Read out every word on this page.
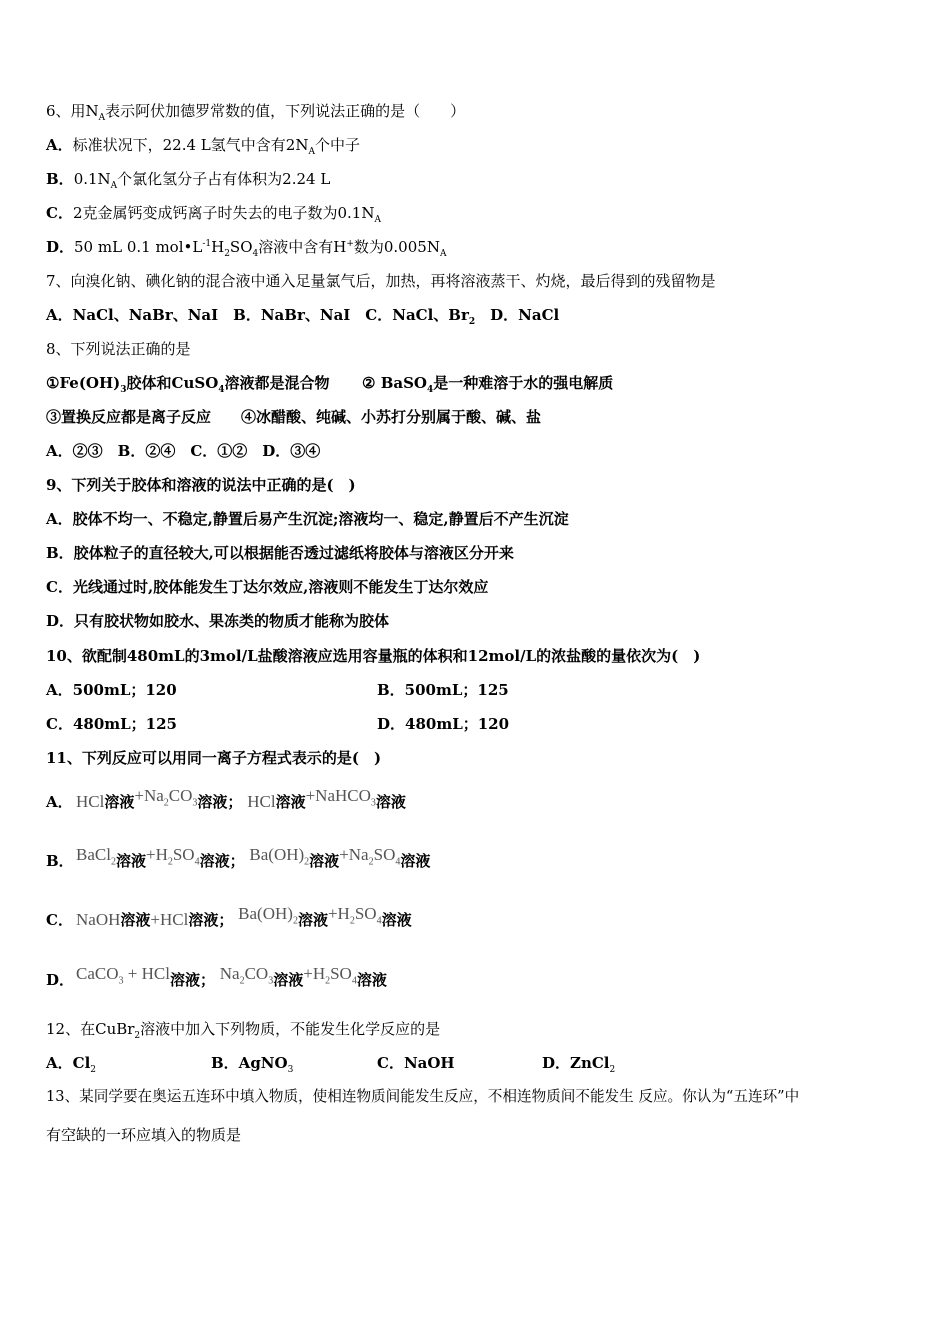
6、用$N_A$表示阿伏加德罗常数的值，下列说法正确的是（　　）
A．标准状况下，22.4 L氢气中含有$2N_A$个中子
B．$0.1N_A$个氯化氢分子占有体积为2.24 L
C．2克金属钙变成钙离子时失去的电子数为$0.1N_A$
D．50 mL 0.1 $mol•L^{-1}H_2SO_4$溶液中含有H+数为$0.005N_A$
7、向溴化钠、碘化钠的混合液中通入足量氯气后，加热，再将溶液蒸干、灼烧，最后得到的残留物是
A．NaCl、NaBr、NaI　B．NaBr、NaI　C．NaCl、$Br_2$　D．NaCl
8、下列说法正确的是
$①Fe(OH)_3$胶体和CuSO$_4$溶液都是混合物 ② BaSO$_4$是一种难溶于水的强电解质
③置换反应都是离子反应 ④冰醋酸、纯碱、小苏打分别属于酸、碱、盐
A．②③　B．②④　C．①②　D．③④
9、下列关于胶体和溶液的说法中正确的是(　)
A．胶体不均一、不稳定,静置后易产生沉淀;溶液均一、稳定,静置后不产生沉淀
B．胶体粒子的直径较大,可以根据能否透过滤纸将胶体与溶液区分开来
C．光线通过时,胶体能发生丁达尔效应,溶液则不能发生丁达尔效应
D．只有胶状物如胶水、果冻类的物质才能称为胶体
10、欲配制480mL的3mol/L盐酸溶液应选用容量瓶的体积和12mol/L的浓盐酸的量依次为(　)
A．500mL；120	B．500mL；125
C．480mL；125	D．480mL；120
11、下列反应可以用同一离子方程式表示的是(　)
A． HCl溶液$+Na_2CO_3$溶液； HCl溶液+NaHCO$_3$溶液
B． BaCl$_2$溶液$+H_2SO_4$溶液； $Ba(OH)_2$溶液$+Na_2SO_4$溶液
C． NaOH溶液+HCl溶液； $Ba(OH)_2$溶液$+H_2SO_4$溶液
D． CaCO$_3$ + HCl溶液； $Na_2CO_3$溶液$+H_2SO_4$溶液
12、在CuBr$_2$溶液中加入下列物质，不能发生化学反应的是
A．$Cl_2$	B．AgNO$_3$	C．NaOH	D．ZnCl$_2$
13、某同学要在奥运五连环中填入物质，使相连物质间能发生反应，不相连物质间不能发生 反应。你认为“五连环”中
有空缺的一环应填入的物质是
